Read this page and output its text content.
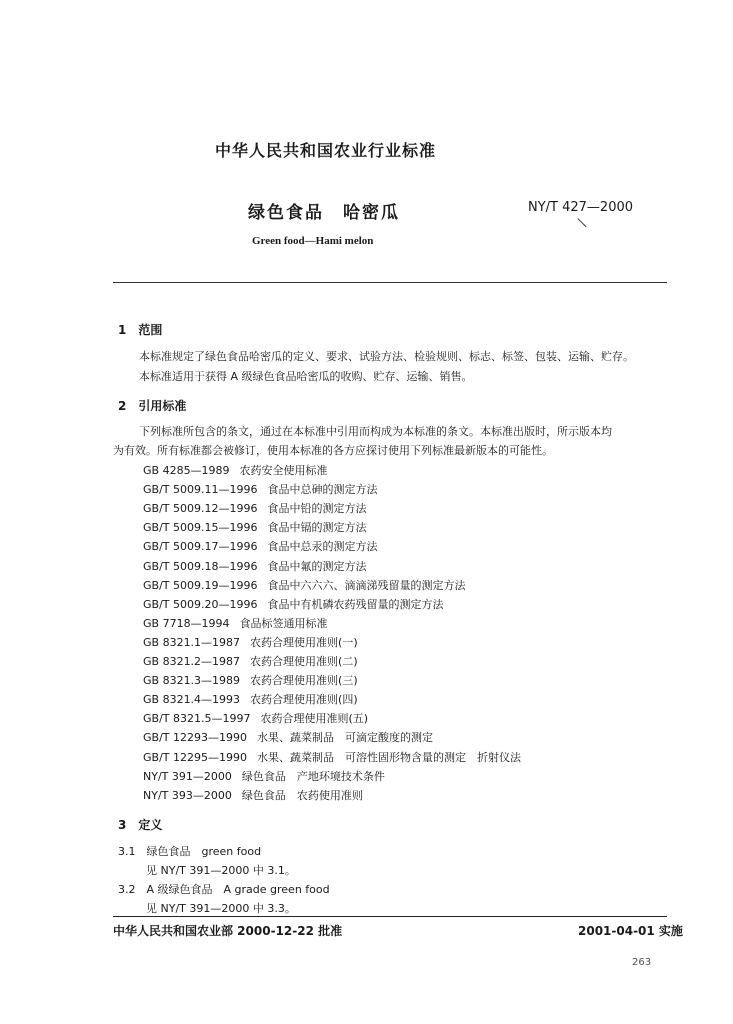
中华人民共和国农业行业标准
绿色食品　哈密瓜	NY/T 427—2000
Green food—Hami melon
1　范围
本标准规定了绿色食品哈密瓜的定义、要求、试验方法、检验规则、标志、标签、包装、运输、贮存。
本标准适用于获得 A 级绿色食品哈密瓜的收购、贮存、运输、销售。
2　引用标准
下列标准所包含的条文，通过在本标准中引用而构成为本标准的条文。本标准出版时，所示版本均
为有效。所有标准都会被修订，使用本标准的各方应探讨使用下列标准最新版本的可能性。
GB 4285—1989 农药安全使用标准
GB/T 5009.11—1996 食品中总砷的测定方法
GB/T 5009.12—1996 食品中铅的测定方法
GB/T 5009.15—1996 食品中镉的测定方法
GB/T 5009.17—1996 食品中总汞的测定方法
GB/T 5009.18—1996 食品中氟的测定方法
GB/T 5009.19—1996 食品中六六六、滴滴涕残留量的测定方法
GB/T 5009.20—1996 食品中有机磷农药残留量的测定方法
GB 7718—1994 食品标签通用标准
GB 8321.1—1987 农药合理使用准则(一)
GB 8321.2—1987 农药合理使用准则(二)
GB 8321.3—1989 农药合理使用准则(三)
GB 8321.4—1993 农药合理使用准则(四)
GB/T 8321.5—1997 农药合理使用准则(五)
GB/T 12293—1990 水果、蔬菜制品　可滴定酸度的测定
GB/T 12295—1990 水果、蔬菜制品　可溶性固形物含量的测定　折射仪法
NY/T 391—2000 绿色食品　产地环境技术条件
NY/T 393—2000 绿色食品　农药使用准则
3　定义
3.1　绿色食品　green food
见 NY/T 391—2000 中 3.1。
3.2　A 级绿色食品　A grade green food
见 NY/T 391—2000 中 3.3。
中华人民共和国农业部 2000-12-22 批准	2001-04-01 实施
263
